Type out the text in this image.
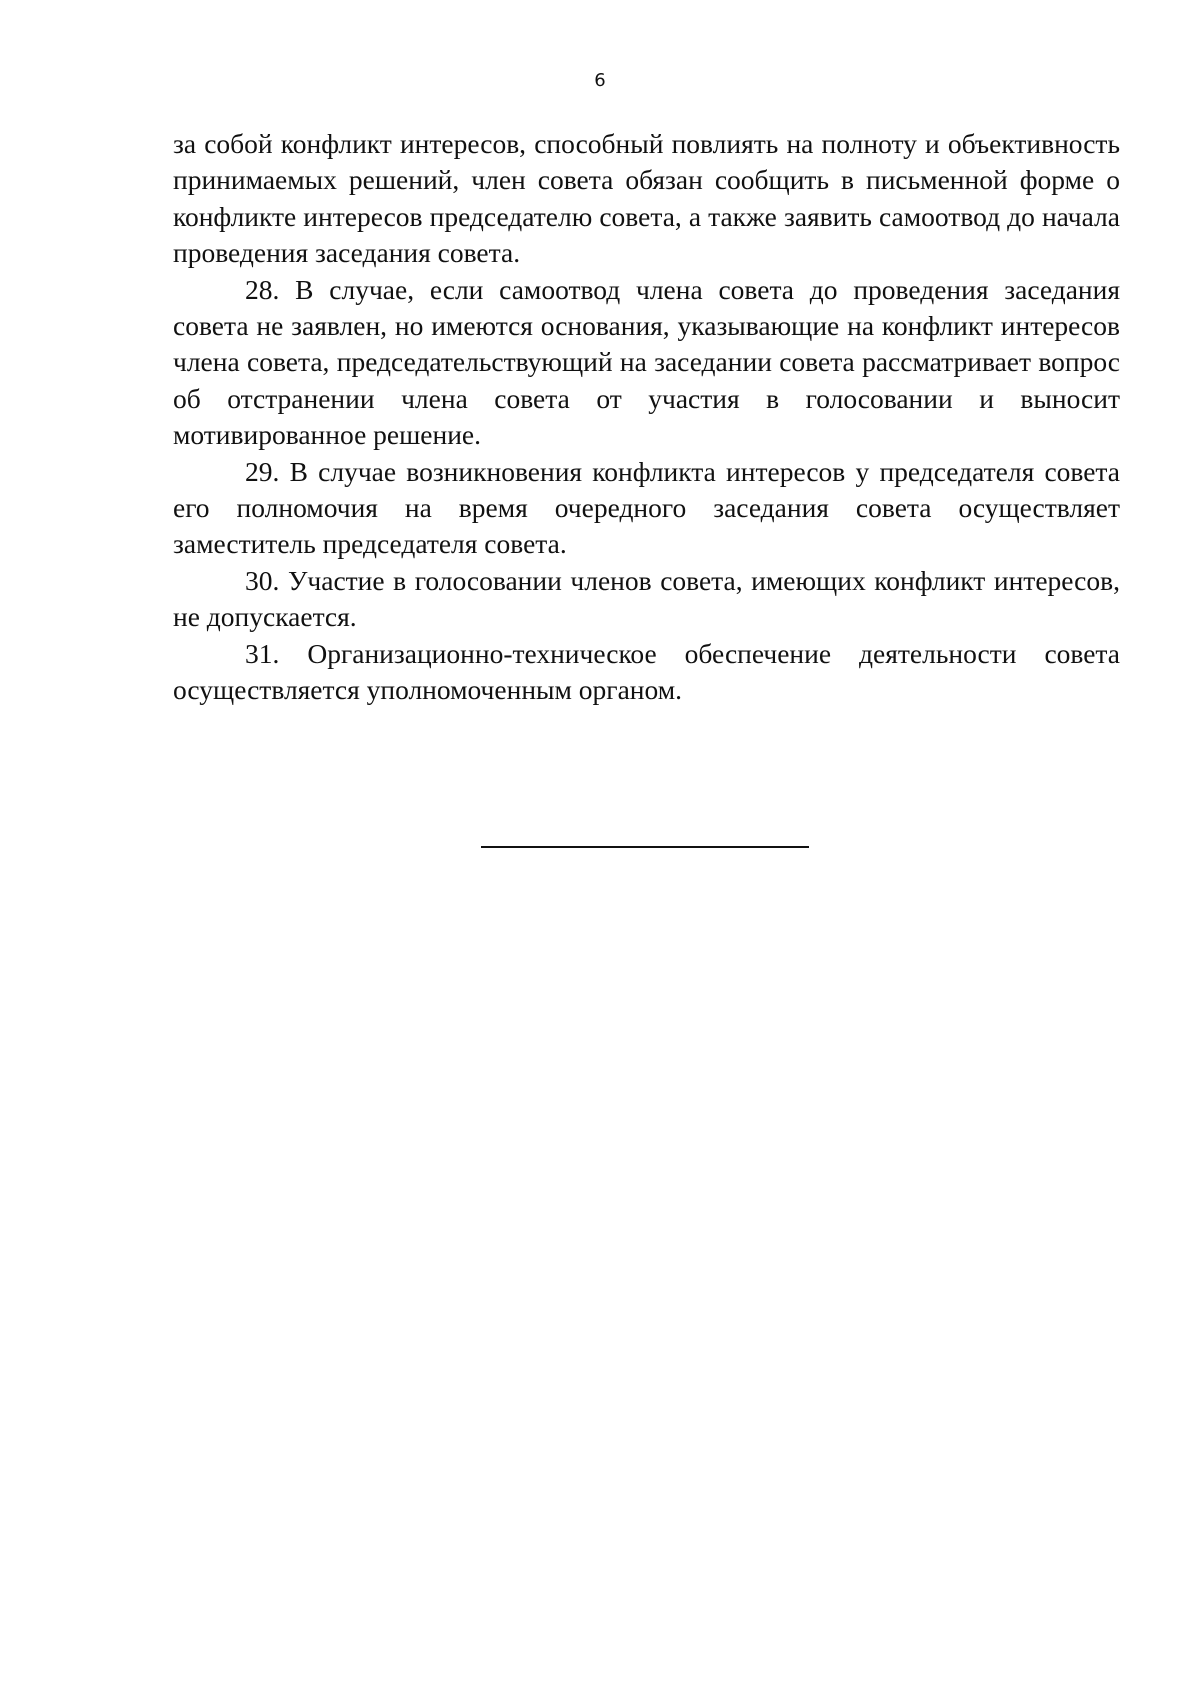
6

за собой конфликт интересов, способный повлиять на полноту и объективность принимаемых решений, член совета обязан сообщить в письменной форме о конфликте интересов председателю совета, а также заявить самоотвод до начала проведения заседания совета.

28. В случае, если самоотвод члена совета до проведения заседания совета не заявлен, но имеются основания, указывающие на конфликт интересов члена совета, председательствующий на заседании совета рассматривает вопрос об отстранении члена совета от участия в голосовании и выносит мотивированное решение.

29. В случае возникновения конфликта интересов у председателя совета его полномочия на время очередного заседания совета осуществляет заместитель председателя совета.

30. Участие в голосовании членов совета, имеющих конфликт интересов, не допускается.

31. Организационно-техническое обеспечение деятельности совета осуществляется уполномоченным органом.
